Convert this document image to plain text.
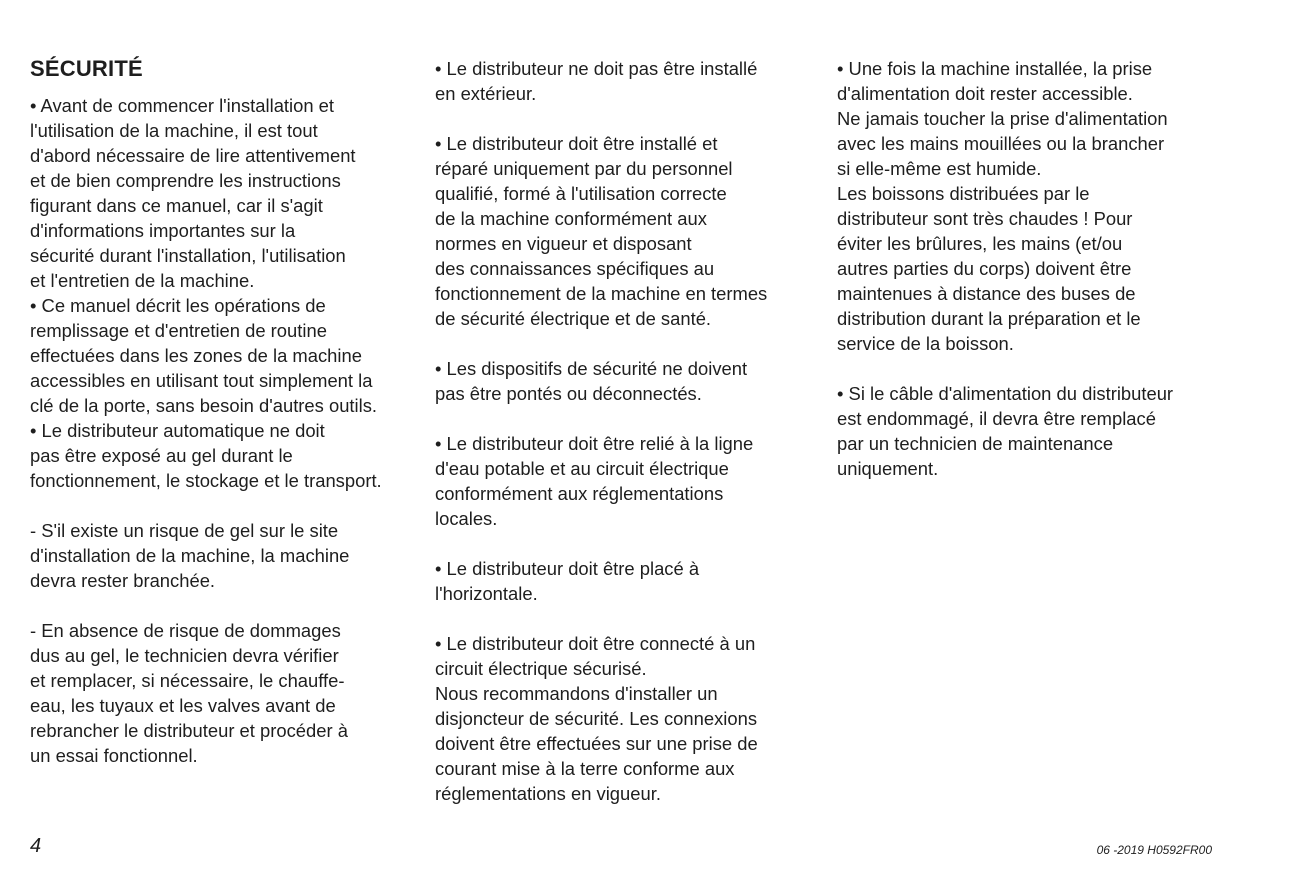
SÉCURITÉ
• Avant de commencer l'installation et
l'utilisation de la machine, il est tout
d'abord nécessaire de lire attentivement
et de bien comprendre les instructions
figurant dans ce manuel, car il s'agit
d'informations importantes sur la
sécurité durant l'installation, l'utilisation
et l'entretien de la machine.
• Ce manuel décrit les opérations de
remplissage et d'entretien de routine
effectuées dans les zones de la machine
accessibles en utilisant tout simplement la
clé de la porte, sans besoin d'autres outils.
• Le distributeur automatique ne doit
pas être exposé au gel durant le
fonctionnement, le stockage et le transport.
- S'il existe un risque de gel sur le site
d'installation de la machine, la machine
devra rester branchée.
- En absence de risque de dommages
dus au gel, le technicien devra vérifier
et remplacer, si nécessaire, le chauffe-
eau, les tuyaux et les valves avant de
rebrancher le distributeur et procéder à
un essai fonctionnel.
• Le distributeur ne doit pas être installé
en extérieur.
• Le distributeur doit être installé et
réparé uniquement par du personnel
qualifié, formé à l'utilisation correcte
de la machine conformément aux
normes en vigueur et disposant
des connaissances spécifiques au
fonctionnement de la machine en termes
de sécurité électrique et de santé.
• Les dispositifs de sécurité ne doivent
pas être pontés ou déconnectés.
• Le distributeur doit être relié à la ligne
d'eau potable et au circuit électrique
conformément aux réglementations
locales.
• Le distributeur doit être placé à
l'horizontale.
• Le distributeur doit être connecté à un
circuit électrique sécurisé.
Nous recommandons d'installer un
disjoncteur de sécurité. Les connexions
doivent être effectuées sur une prise de
courant mise à la terre conforme aux
réglementations en vigueur.
• Une fois la machine installée, la prise
d'alimentation doit rester accessible.
Ne jamais toucher la prise d'alimentation
avec les mains mouillées ou la brancher
si elle-même est humide.
Les boissons distribuées par le
distributeur sont très chaudes ! Pour
éviter les brûlures, les mains (et/ou
autres parties du corps) doivent être
maintenues à distance des buses de
distribution durant la préparation et le
service de la boisson.
• Si le câble d'alimentation du distributeur
est endommagé, il devra être remplacé
par un technicien de maintenance
uniquement.
4	06 -2019 H0592FR00
